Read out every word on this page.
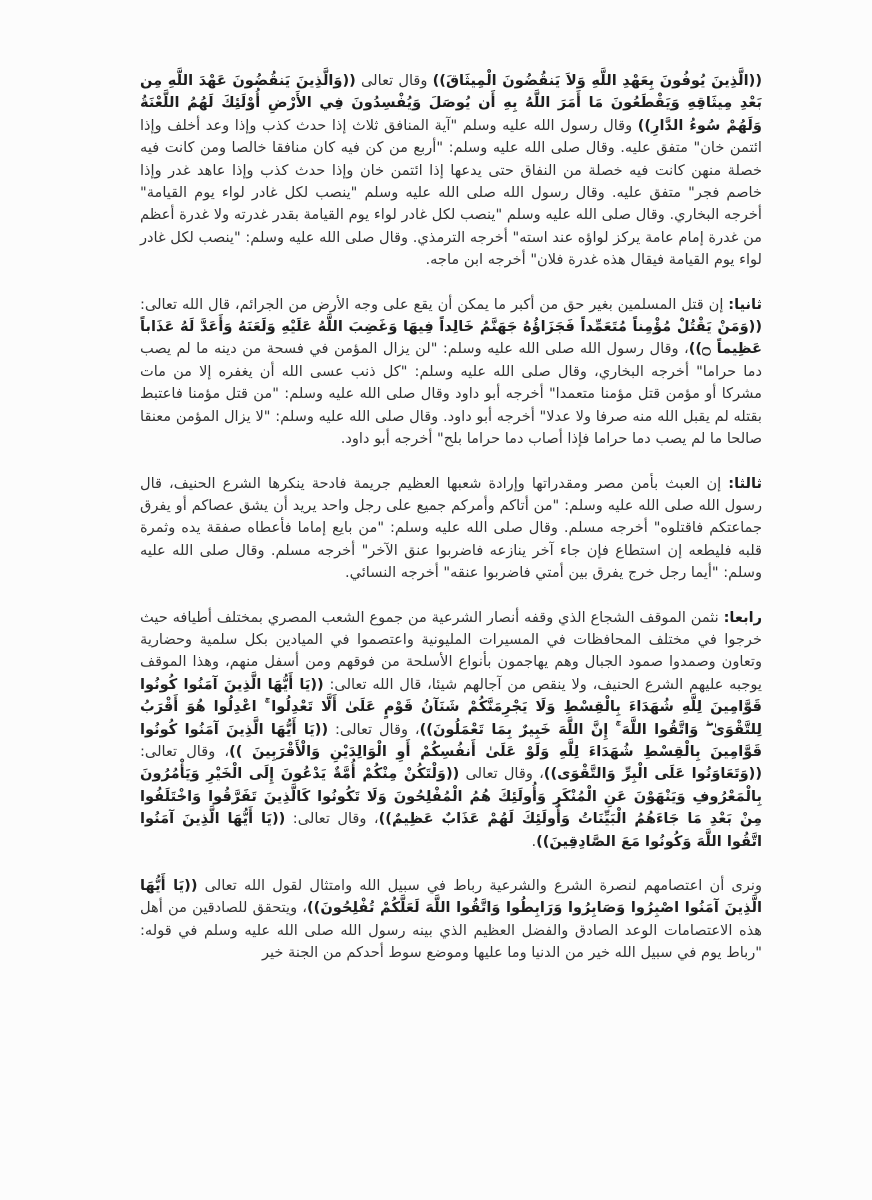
((الَّذِينَ يُوفُونَ بِعَهْدِ اللَّهِ وَلاَ يَنقُضُونَ الْمِيثَاقَ)) وقال تعالى ((وَالَّذِينَ يَنقُضُونَ عَهْدَ اللَّهِ مِن بَعْدِ مِيثَاقِهِ وَيَقْطَعُونَ مَا أَمَرَ اللَّهُ بِهِ أَن يُوصَلَ وَيُفْسِدُونَ فِي الأَرْضِ أُوْلَئِكَ لَهُمُ اللَّعْنَةُ وَلَهُمْ سُوءُ الدَّارِ)) وقال رسول الله عليه وسلم "آية المنافق ثلاث إذا حدث كذب وإذا وعد أخلف وإذا ائتمن خان" متفق عليه. وقال صلى الله عليه وسلم: "أربع من كن فيه كان منافقا خالصا ومن كانت فيه خصلة منهن كانت فيه خصلة من النفاق حتى يدعها إذا ائتمن خان وإذا حدث كذب وإذا عاهد غدر وإذا خاصم فجر" متفق عليه. وقال رسول الله صلى الله عليه وسلم "ينصب لكل غادر لواء يوم القيامة" أخرجه البخاري. وقال صلى الله عليه وسلم "ينصب لكل غادر لواء يوم القيامة بقدر غدرته ولا غدرة أعظم من غدرة إمام عامة يركز لواؤه عند استه" أخرجه الترمذي. وقال صلى الله عليه وسلم: "ينصب لكل غادر لواء يوم القيامة فيقال هذه غدرة فلان" أخرجه ابن ماجه.

ثانيا: إن قتل المسلمين بغير حق من أكبر ما يمكن أن يقع على وجه الأرض من الجرائم، قال الله تعالى: ((وَمَنْ يَقْتُلْ مُؤْمِناً مُتَعَمِّداً فَجَزَاؤُهُ جَهَنَّمُ خَالِداً فِيهَا وَغَضِبَ اللَّهُ عَلَيْهِ وَلَعَنَهُ وَأَعَدَّ لَهُ عَذَاباً عَظِيماً ۝))، وقال رسول الله صلى الله عليه وسلم: "لن يزال المؤمن في فسحة من دينه ما لم يصب دما حراما" أخرجه البخاري، وقال صلى الله عليه وسلم: "كل ذنب عسى الله أن يغفره إلا من مات مشركا أو مؤمن قتل مؤمنا متعمدا" أخرجه أبو داود وقال صلى الله عليه وسلم: "من قتل مؤمنا فاعتبط بقتله لم يقبل الله منه صرفا ولا عدلا" أخرجه أبو داود. وقال صلى الله عليه وسلم: "لا يزال المؤمن معنقا صالحا ما لم يصب دما حراما فإذا أصاب دما حراما بلح" أخرجه أبو داود.

ثالثا: إن العبث بأمن مصر ومقدراتها وإرادة شعبها العظيم جريمة فادحة ينكرها الشرع الحنيف، قال رسول الله صلى الله عليه وسلم: "من أتاكم وأمركم جميع على رجل واحد يريد أن يشق عصاكم أو يفرق جماعتكم فاقتلوه" أخرجه مسلم. وقال صلى الله عليه وسلم: "من بايع إماما فأعطاه صفقة يده وثمرة قلبه فليطعه إن استطاع فإن جاء آخر ينازعه فاضربوا عنق الآخر" أخرجه مسلم. وقال صلى الله عليه وسلم: "أيما رجل خرج يفرق بين أمتي فاضربوا عنقه" أخرجه النسائي.

رابعا: نثمن الموقف الشجاع الذي وقفه أنصار الشرعية من جموع الشعب المصري بمختلف أطيافه حيث خرجوا في مختلف المحافظات في المسيرات المليونية واعتصموا في الميادين بكل سلمية وحضارية وتعاون وصمدوا صمود الجبال وهم يهاجمون بأنواع الأسلحة من فوقهم ومن أسفل منهم، وهذا الموقف يوجبه عليهم الشرع الحنيف، ولا ينقص من آجالهم شيئا، قال الله تعالى: ((يَا أَيُّهَا الَّذِينَ آمَنُوا كُونُوا قَوَّامِينَ لِلَّهِ شُهَدَاءَ بِالْقِسْطِ وَلَا يَجْرِمَنَّكُمْ شَنَآنُ قَوْمٍ عَلَىٰ أَلَّا تَعْدِلُوا ۚ اعْدِلُوا هُوَ أَقْرَبُ لِلتَّقْوَىٰ ۖ وَاتَّقُوا اللَّهَ ۚ إِنَّ اللَّهَ خَبِيرٌ بِمَا تَعْمَلُونَ))، وقال تعالى: ((يَا أَيُّهَا الَّذِينَ آمَنُوا كُونُوا قَوَّامِينَ بِالْقِسْطِ شُهَدَاءَ لِلَّهِ وَلَوْ عَلَىٰ أَنفُسِكُمْ أَوِ الْوَالِدَيْنِ وَالْأَقْرَبِينَ ))، وقال تعالى: ((وَتَعَاوَنُوا عَلَى الْبِرِّ وَالتَّقْوَى))، وقال تعالى ((وَلْتَكُنْ مِنْكُمْ أُمَّةٌ يَدْعُونَ إِلَى الْخَيْرِ وَيَأْمُرُونَ بِالْمَعْرُوفِ وَيَنْهَوْنَ عَنِ الْمُنْكَرِ وَأُولَئِكَ هُمُ الْمُفْلِحُونَ وَلَا تَكُونُوا كَالَّذِينَ تَفَرَّقُوا وَاخْتَلَفُوا مِنْ بَعْدِ مَا جَاءَهُمُ الْبَيِّنَاتُ وَأُولَئِكَ لَهُمْ عَذَابٌ عَظِيمٌ))، وقال تعالى: ((يَا أَيُّهَا الَّذِينَ آمَنُوا اتَّقُوا اللَّهَ وَكُونُوا مَعَ الصَّادِقِينَ)).

ونرى أن اعتصامهم لنصرة الشرع والشرعية رباط في سبيل الله وامتثال لقول الله تعالى ((يَا أَيُّهَا الَّذِينَ آمَنُوا اصْبِرُوا وَصَابِرُوا وَرَابِطُوا وَاتَّقُوا اللَّهَ لَعَلَّكُمْ تُفْلِحُونَ))، ويتحقق للصادقين من أهل هذه الاعتصامات الوعد الصادق والفضل العظيم الذي بينه رسول الله صلى الله عليه وسلم في قوله: "رباط يوم في سبيل الله خير من الدنيا وما عليها وموضع سوط أحدكم من الجنة خير
